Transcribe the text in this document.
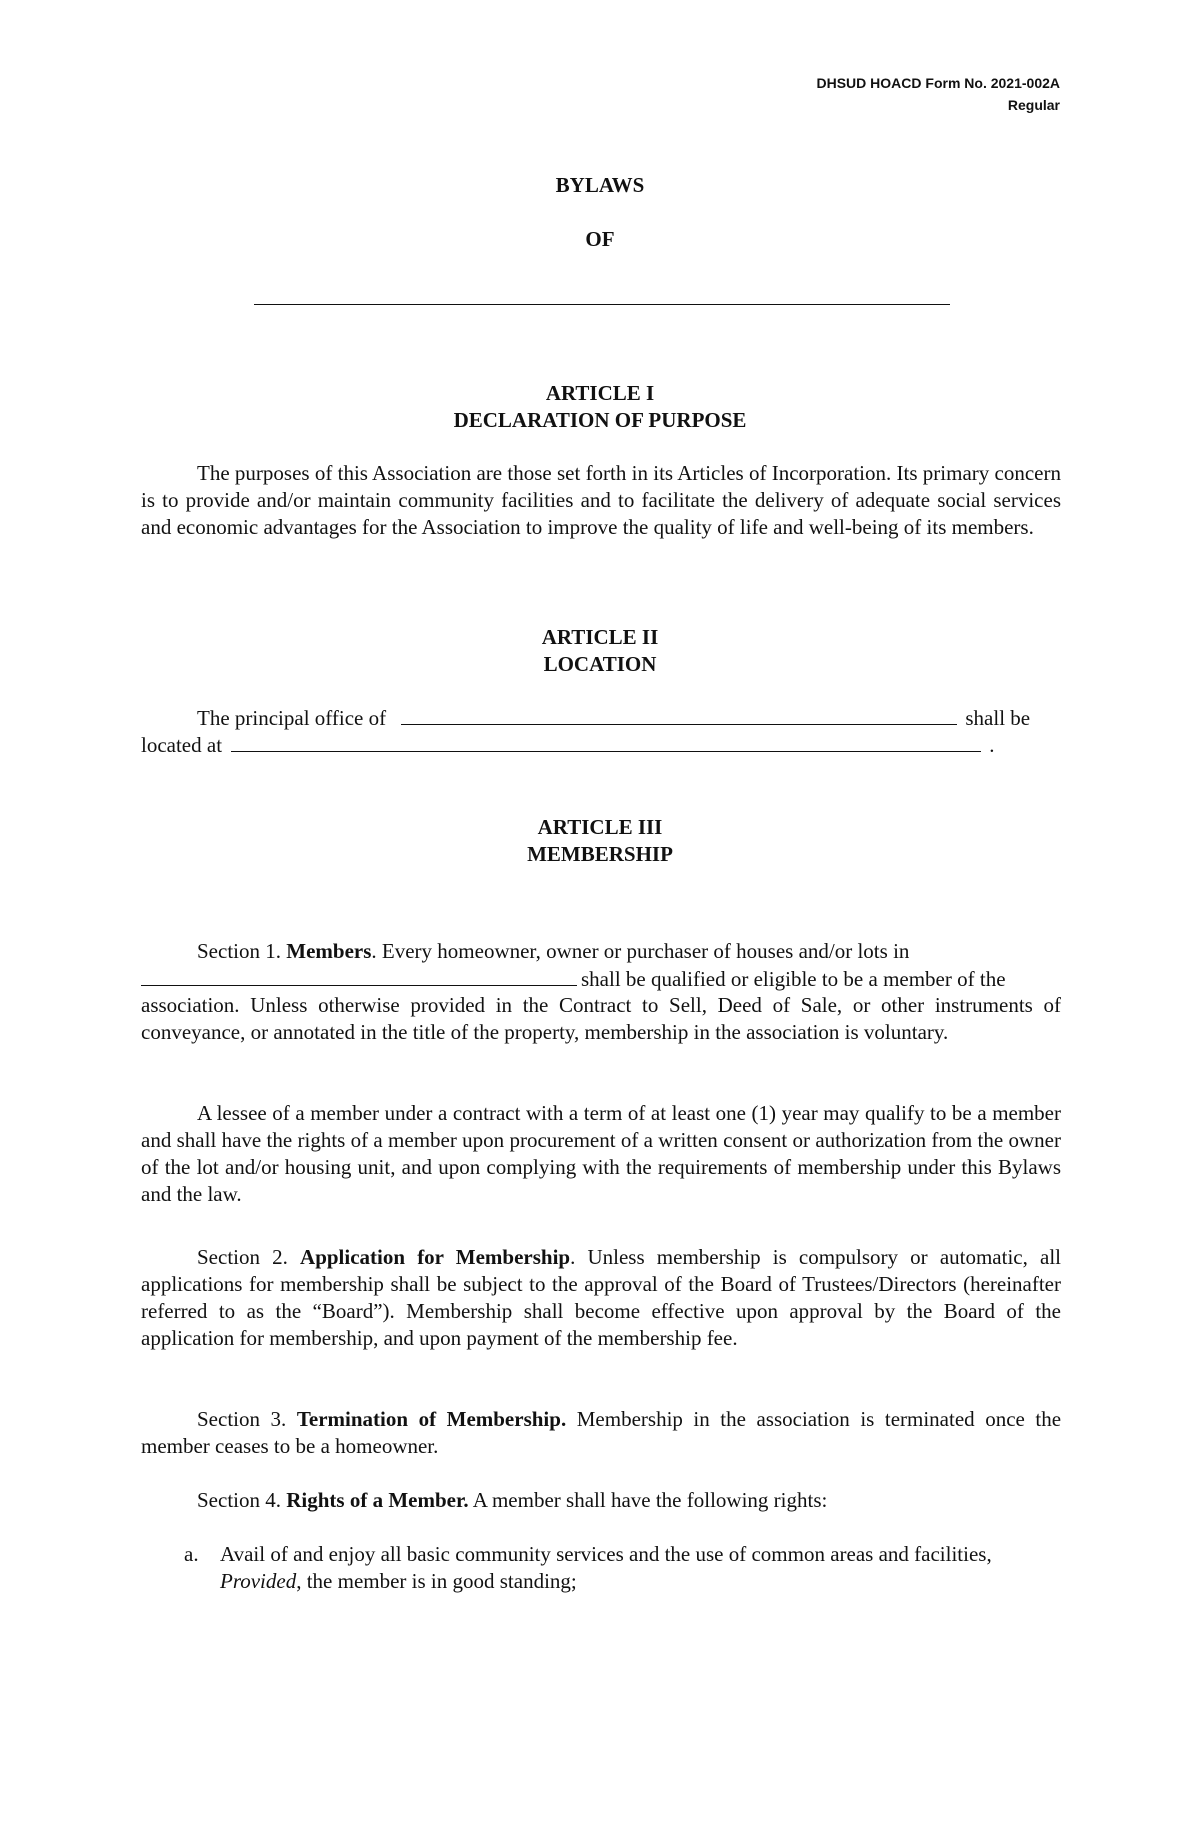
DHSUD HOACD Form No. 2021-002A
Regular
BYLAWS
OF
ARTICLE I
DECLARATION OF PURPOSE
The purposes of this Association are those set forth in its Articles of Incorporation. Its primary concern is to provide and/or maintain community facilities and to facilitate the delivery of adequate social services and economic advantages for the Association to improve the quality of life and well-being of its members.
ARTICLE II
LOCATION
The principal office of	shall be
located at	.
ARTICLE III
MEMBERSHIP
Section 1. Members. Every homeowner, owner or purchaser of houses and/or lots in
shall be qualified or eligible to be a member of the
association. Unless otherwise provided in the Contract to Sell, Deed of Sale, or other instruments of conveyance, or annotated in the title of the property, membership in the association is voluntary.
A lessee of a member under a contract with a term of at least one (1) year may qualify to be a member and shall have the rights of a member upon procurement of a written consent or authorization from the owner of the lot and/or housing unit, and upon complying with the requirements of membership under this Bylaws and the law.
Section 2. Application for Membership. Unless membership is compulsory or automatic, all applications for membership shall be subject to the approval of the Board of Trustees/Directors (hereinafter referred to as the “Board”). Membership shall become effective upon approval by the Board of the application for membership, and upon payment of the membership fee.
Section 3. Termination of Membership. Membership in the association is terminated once the member ceases to be a homeowner.
Section 4. Rights of a Member. A member shall have the following rights:
a. Avail of and enjoy all basic community services and the use of common areas and facilities, Provided, the member is in good standing;
